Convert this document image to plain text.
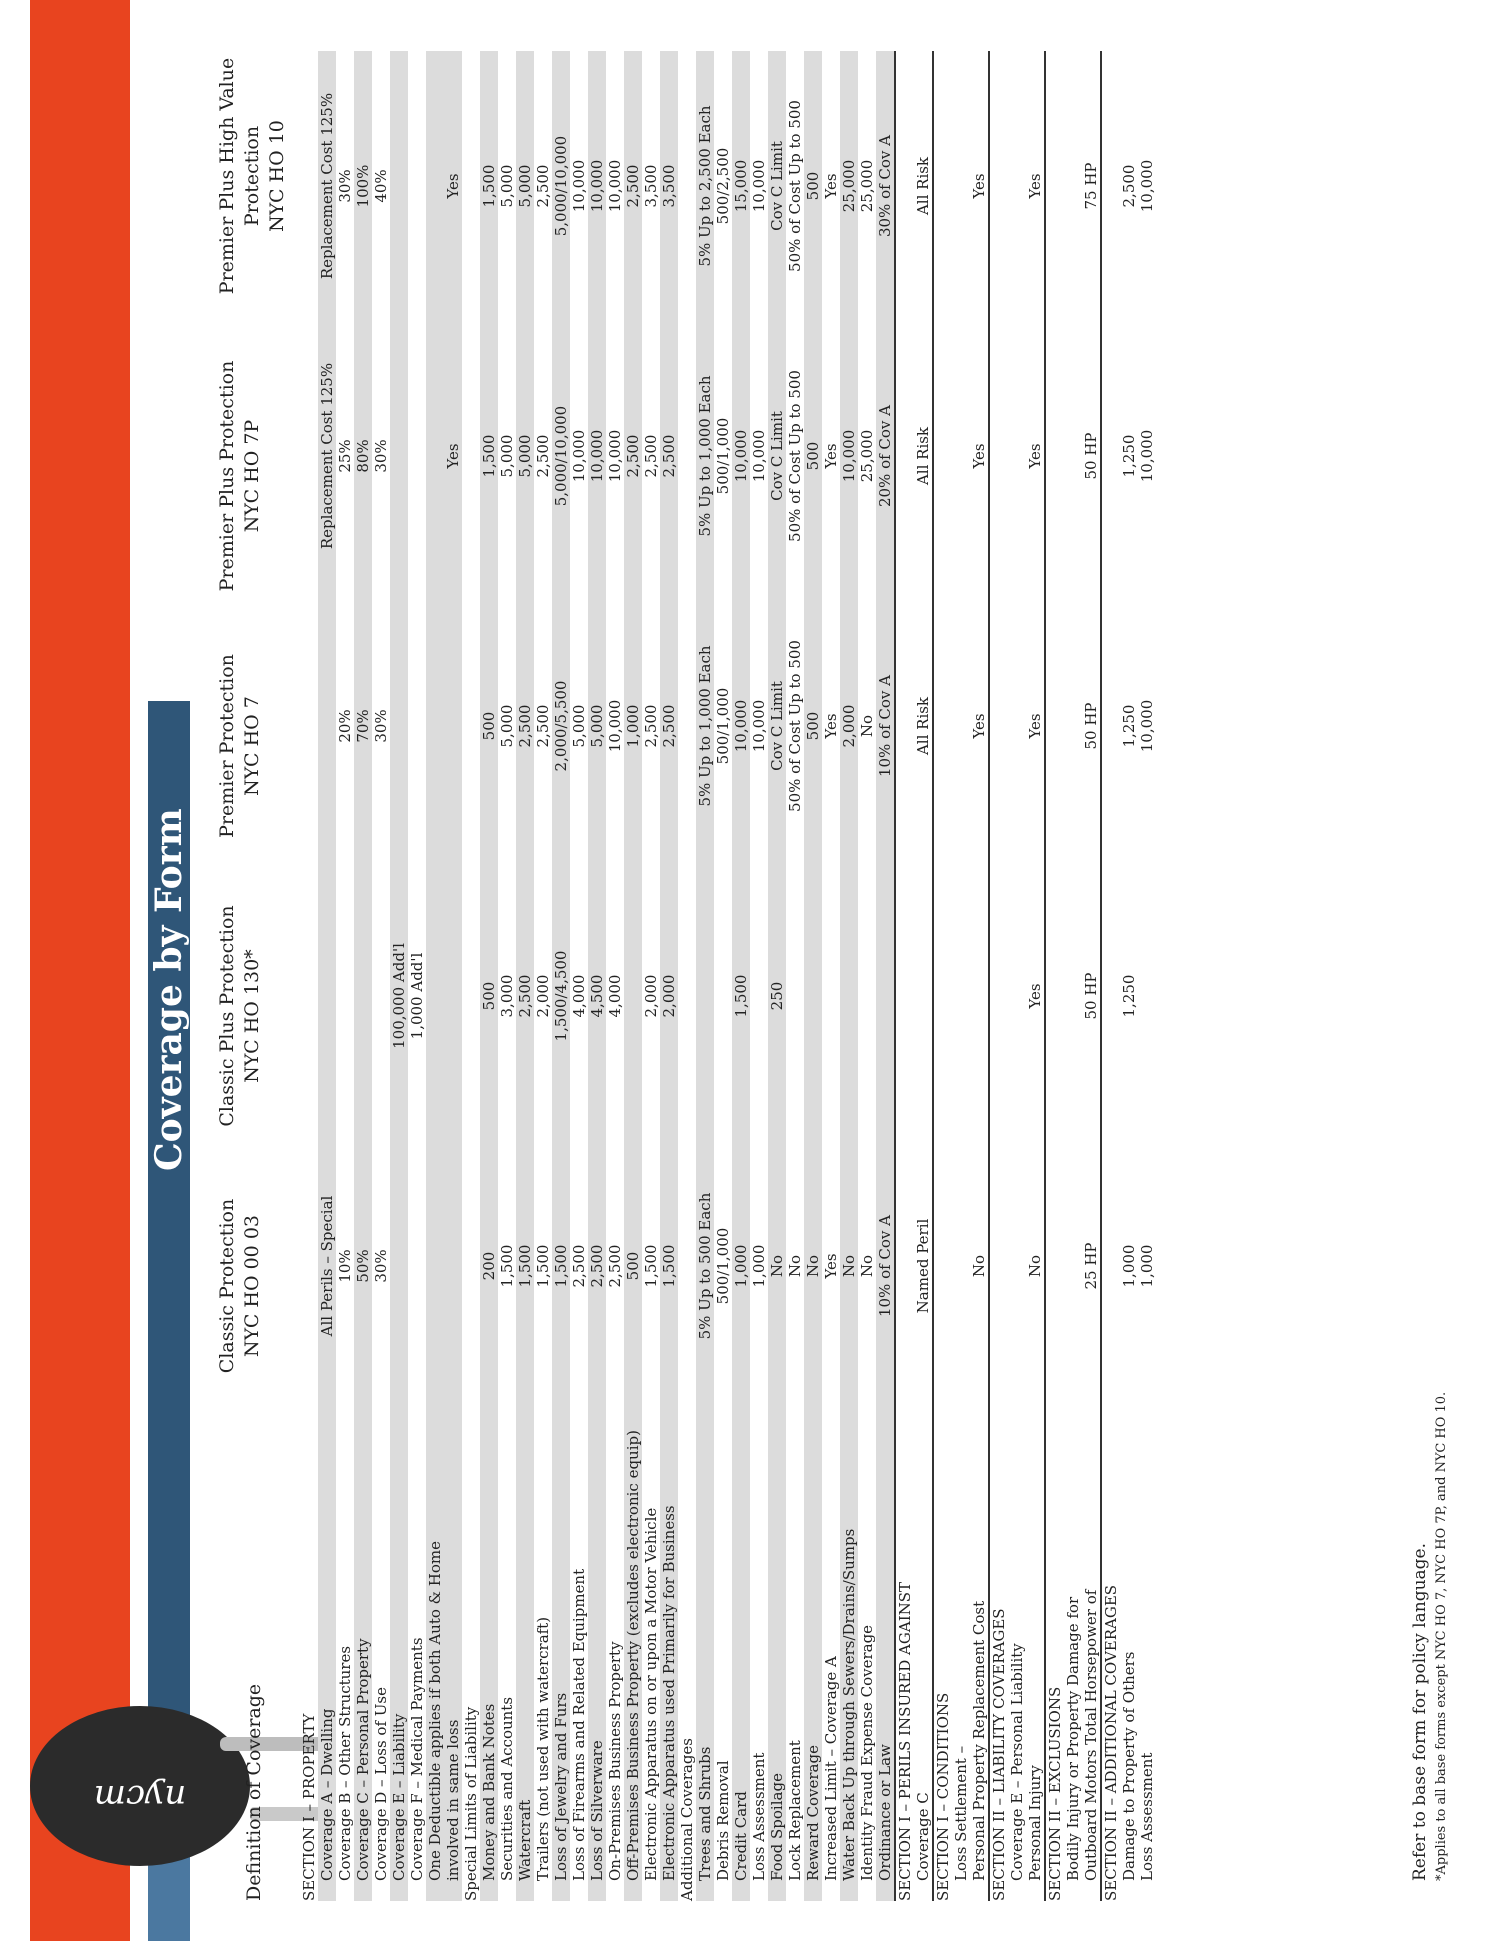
nycm
Coverage by Form
Definition of Coverage
Classic Protection NYC HO 00 03
Classic Plus Protection NYC HO 130*
Premier Protection NYC HO 7
Premier Plus Protection NYC HO 7P
Premier Plus High Value Protection NYC HO 10
SECTION I – PROPERTY					
Coverage A – Dwelling	All Perils – Special			Replacement Cost 125%	Replacement Cost 125%
Coverage B – Other Structures	10%		20%	25%	30%
Coverage C – Personal Property	50%		70%	80%	100%
Coverage D – Loss of Use	30%		30%	30%	40%
Coverage E – Liability		100,000 Add'l			
Coverage F – Medical Payments		1,000 Add'l			
One Deductible applies if both Auto & Home					
involved in same loss				Yes	Yes
Special Limits of Liability					
Money and Bank Notes	200	500	500	1,500	1,500
Securities and Accounts	1,500	3,000	5,000	5,000	5,000
Watercraft	1,500	2,500	2,500	5,000	5,000
Trailers (not used with watercraft)	1,500	2,000	2,500	2,500	2,500
Loss of Jewelry and Furs	1,500	1,500/4,500	2,000/5,500	5,000/10,000	5,000/10,000
Loss of Firearms and Related Equipment	2,500	4,000	5,000	10,000	10,000
Loss of Silverware	2,500	4,500	5,000	10,000	10,000
On-Premises Business Property	2,500	4,000	10,000	10,000	10,000
Off-Premises Business Property (excludes electronic equip)	500		1,000	2,500	2,500
Electronic Apparatus on or upon a Motor Vehicle	1,500	2,000	2,500	2,500	3,500
Electronic Apparatus used Primarily for Business	1,500	2,000	2,500	2,500	3,500
Additional Coverages					
Trees and Shrubs	5% Up to 500 Each		5% Up to 1,000 Each	5% Up to 1,000 Each	5% Up to 2,500 Each
Debris Removal	500/1,000		500/1,000	500/1,000	500/2,500
Credit Card	1,000	1,500	10,000	10,000	15,000
Loss Assessment	1,000		10,000	10,000	10,000
Food Spoilage	No	250	Cov C Limit	Cov C Limit	Cov C Limit
Lock Replacement	No		50% of Cost Up to 500	50% of Cost Up to 500	50% of Cost Up to 500
Reward Coverage	No		500	500	500
Increased Limit – Coverage A	Yes		Yes	Yes	Yes
Water Back Up through Sewers/Drains/Sumps	No		2,000	10,000	25,000
Identity Fraud Expense Coverage	No		No	25,000	25,000
Ordinance or Law	10% of Cov A		10% of Cov A	20% of Cov A	30% of Cov A
SECTION I – PERILS INSURED AGAINST					
Coverage C	Named Peril		All Risk	All Risk	All Risk
SECTION I – CONDITIONS					
Loss Settlement –					
Personal Property Replacement Cost	No		Yes	Yes	Yes
SECTION II – LIABILITY COVERAGES					
Coverage E – Personal Liability					
Personal Injury	No	Yes	Yes	Yes	Yes
SECTION II – EXCLUSIONS					
Bodily Injury or Property Damage for					
Outboard Motors Total Horsepower of	25 HP	50 HP	50 HP	50 HP	75 HP
SECTION II – ADDITIONAL COVERAGES					
Damage to Property of Others	1,000	1,250	1,250	1,250	2,500
Loss Assessment	1,000		10,000	10,000	10,000
Refer to base form for policy language. *Applies to all base forms except NYC HO 7, NYC HO 7P, and NYC HO 10.
